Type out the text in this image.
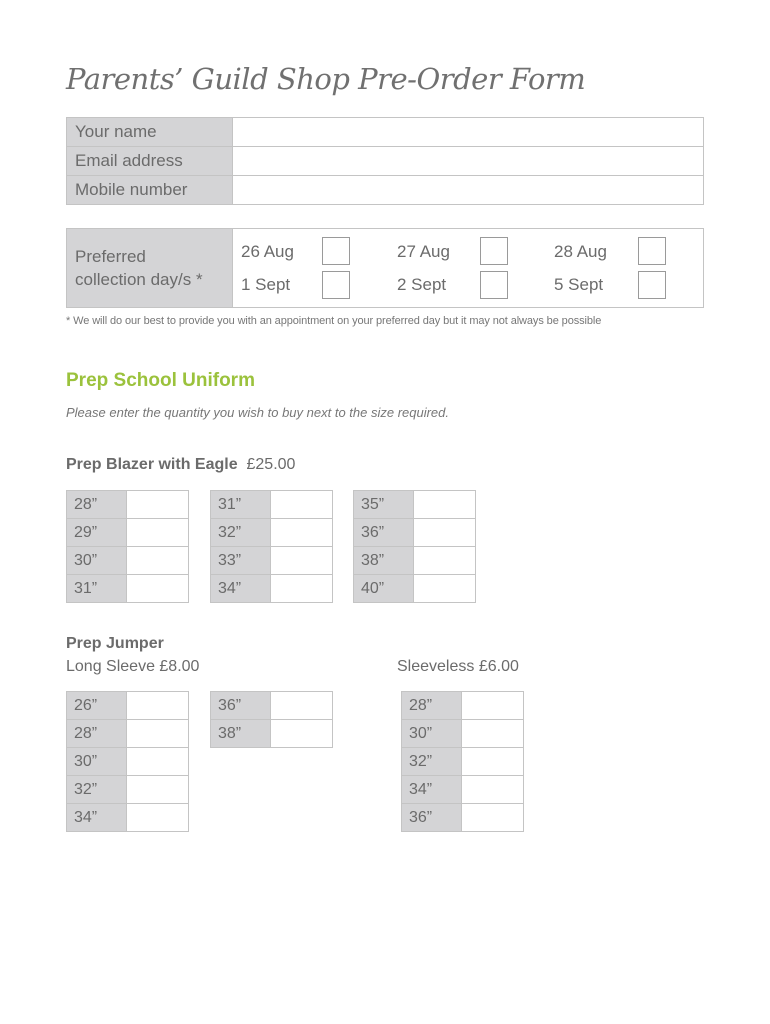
Parents’ Guild Shop Pre-Order Form
Your name
Email address
Mobile number
Preferred
collection day/s *
26 Aug	27 Aug	28 Aug
1 Sept	2 Sept	5 Sept
* We will do our best to provide you with an appointment on your preferred day but it may not always be possible
Prep School Uniform
Please enter the quantity you wish to buy next to the size required.
Prep Blazer with Eagle £25.00
28”
29”
30”
31”
31”
32”
33”
34”
35”
36”
38”
40”
Prep Jumper
Long Sleeve £8.00	Sleeveless £6.00
26”
28”
30”
32”
34”
36”
38”
28”
30”
32”
34”
36”
